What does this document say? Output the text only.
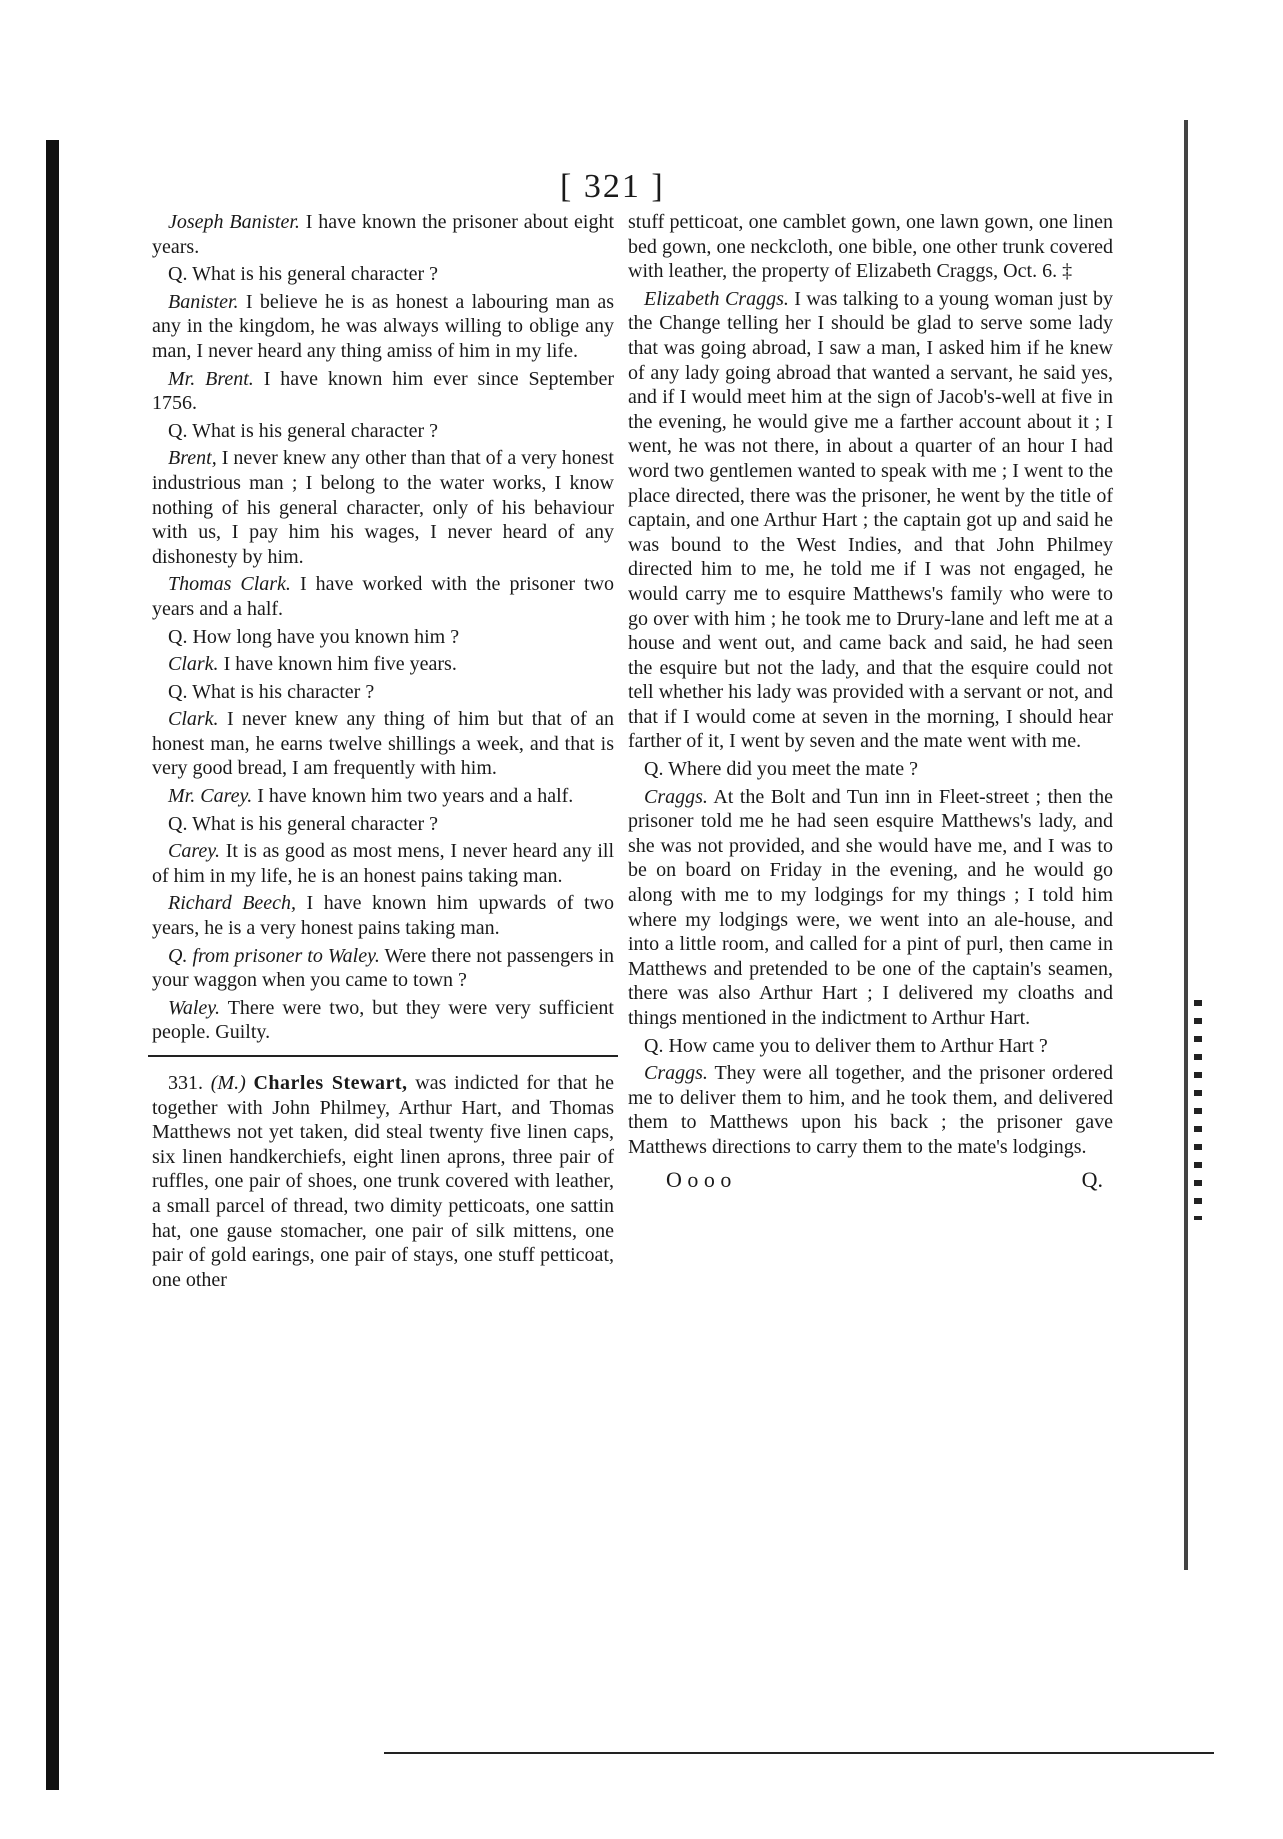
[ 321 ]

Joseph Banister. I have known the prisoner about eight years.

Q. What is his general character ?

Banister. I believe he is as honest a labouring man as any in the kingdom, he was always willing to oblige any man, I never heard any thing amiss of him in my life.

Mr. Brent. I have known him ever since September 1756.

Q. What is his general character ?

Brent, I never knew any other than that of a very honest industrious man ; I belong to the water works, I know nothing of his general character, only of his behaviour with us, I pay him his wages, I never heard of any dishonesty by him.

Thomas Clark. I have worked with the prisoner two years and a half.

Q. How long have you known him ?

Clark. I have known him five years.

Q. What is his character ?

Clark. I never knew any thing of him but that of an honest man, he earns twelve shillings a week, and that is very good bread, I am frequently with him.

Mr. Carey. I have known him two years and a half.

Q. What is his general character ?

Carey. It is as good as most mens, I never heard any ill of him in my life, he is an honest pains taking man.

Richard Beech, I have known him upwards of two years, he is a very honest pains taking man.

Q. from prisoner to Waley. Were there not passengers in your waggon when you came to town ?

Waley. There were two, but they were very sufficient people. Guilty.

331. (M.) Charles Stewart, was indicted for that he together with John Philmey, Arthur Hart, and Thomas Matthews not yet taken, did steal twenty five linen caps, six linen handkerchiefs, eight linen aprons, three pair of ruffles, one pair of shoes, one trunk covered with leather, a small parcel of thread, two dimity petticoats, one sattin hat, one gause stomacher, one pair of silk mittens, one pair of gold earings, one pair of stays, one stuff petticoat, one other

stuff petticoat, one camblet gown, one lawn gown, one linen bed gown, one neckcloth, one bible, one other trunk covered with leather, the property of Elizabeth Craggs, Oct. 6. ‡

Elizabeth Craggs. I was talking to a young woman just by the Change telling her I should be glad to serve some lady that was going abroad, I saw a man, I asked him if he knew of any lady going abroad that wanted a servant, he said yes, and if I would meet him at the sign of Jacob's-well at five in the evening, he would give me a farther account about it ; I went, he was not there, in about a quarter of an hour I had word two gentlemen wanted to speak with me ; I went to the place directed, there was the prisoner, he went by the title of captain, and one Arthur Hart ; the captain got up and said he was bound to the West Indies, and that John Philmey directed him to me, he told me if I was not engaged, he would carry me to esquire Matthews's family who were to go over with him ; he took me to Drury-lane and left me at a house and went out, and came back and said, he had seen the esquire but not the lady, and that the esquire could not tell whether his lady was provided with a servant or not, and that if I would come at seven in the morning, I should hear farther of it, I went by seven and the mate went with me.

Q. Where did you meet the mate ?

Craggs. At the Bolt and Tun inn in Fleet-street ; then the prisoner told me he had seen esquire Matthews's lady, and she was not provided, and she would have me, and I was to be on board on Friday in the evening, and he would go along with me to my lodgings for my things ; I told him where my lodgings were, we went into an ale-house, and into a little room, and called for a pint of purl, then came in Matthews and pretended to be one of the captain's seamen, there was also Arthur Hart ; I delivered my cloaths and things mentioned in the indictment to Arthur Hart.

Q. How came you to deliver them to Arthur Hart ?

Craggs. They were all together, and the prisoner ordered me to deliver them to him, and he took them, and delivered them to Matthews upon his back ; the prisoner gave Matthews directions to carry them to the mate's lodgings.

O o o o	Q.
